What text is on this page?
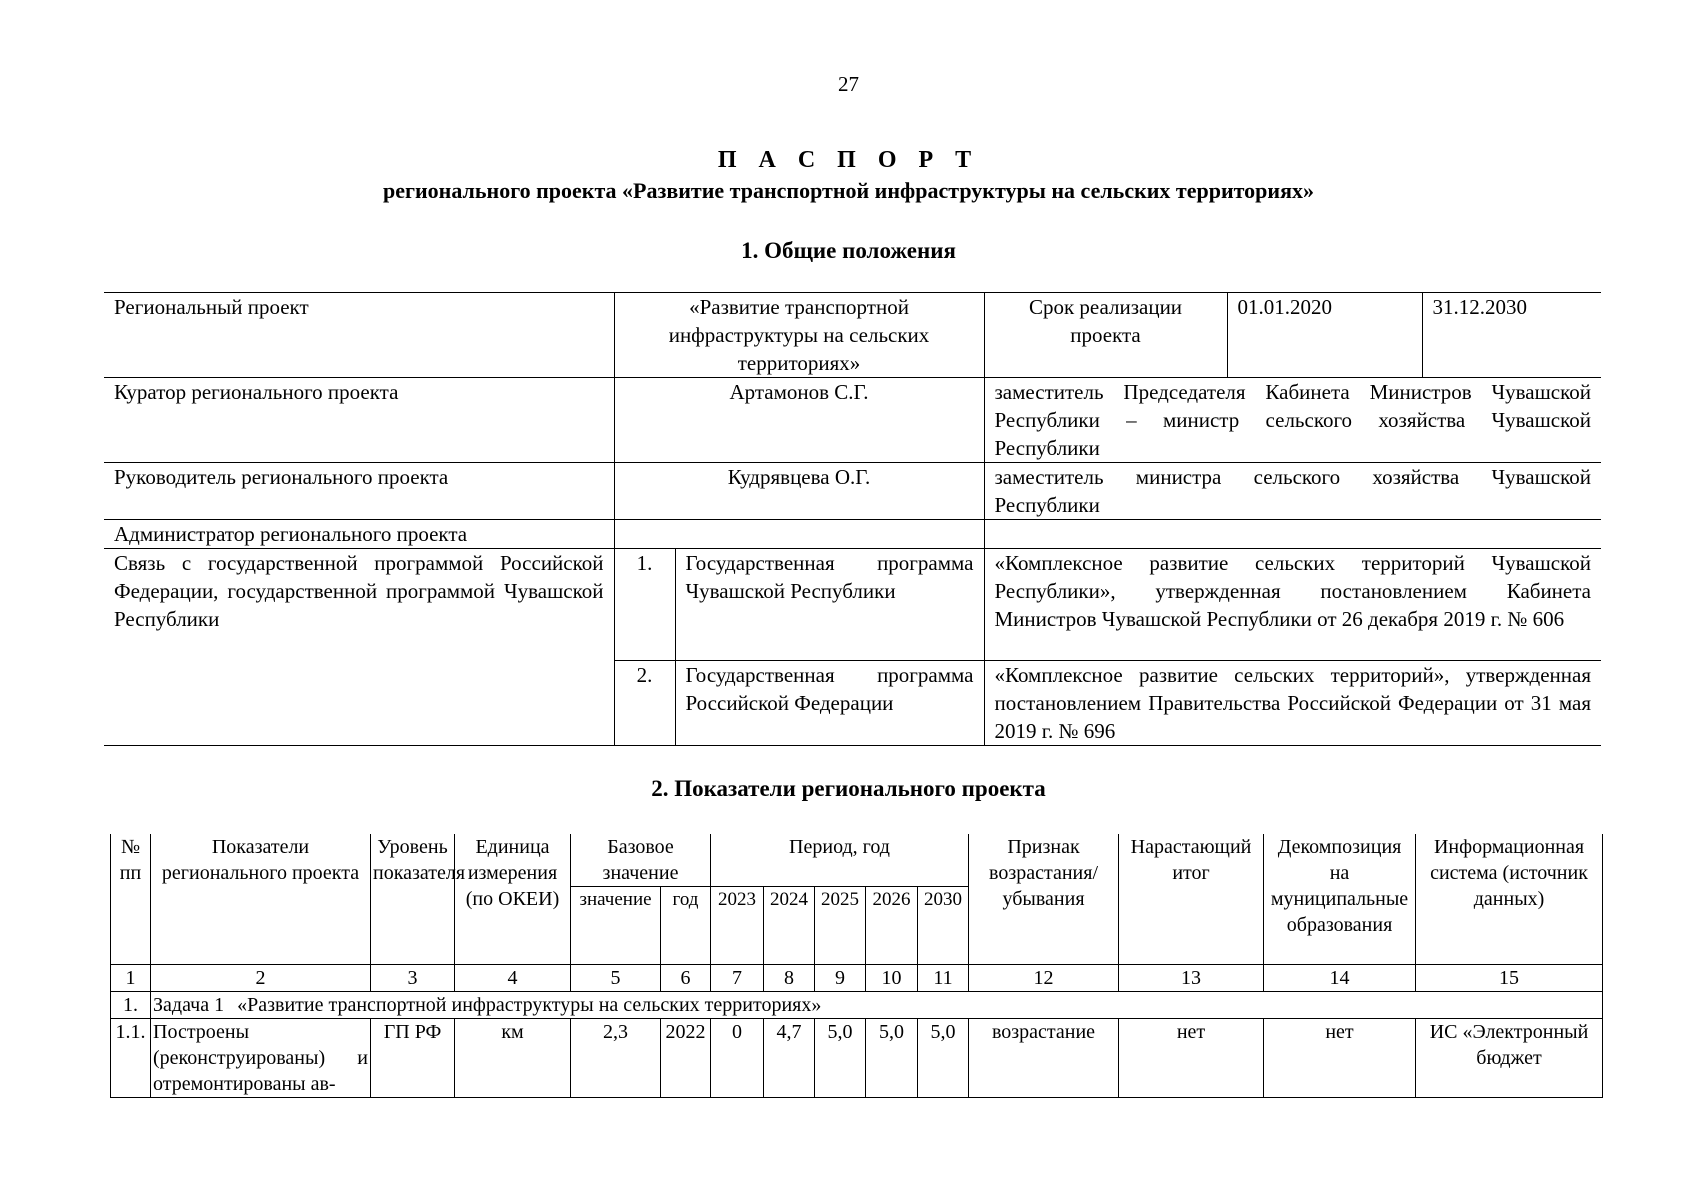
27
П А С П О Р Т
регионального проекта «Развитие транспортной инфраструктуры на сельских территориях»
1. Общие положения
Региональный проект	«Развитие транспортной инфраструктуры на сельских территориях»		Срок реализации проекта	01.01.2020	31.12.2030
Куратор регионального проекта	Артамонов С.Г.		заместитель Председателя Кабинета Министров Чувашской Республики – министр сельского хозяйства Чувашской Республики		
Руководитель регионального проекта	Кудрявцева О.Г.		заместитель министра сельского хозяйства Чувашской Республики		
Администратор регионального проекта					
Связь с государственной программой Российской Федерации, государственной программой Чувашской Республики	1.	Государственная программа Чувашской Республики	«Комплексное развитие сельских территорий Чувашской Республики», утвержденная постановлением Кабинета Министров Чувашской Республики от 26 декабря 2019 г. № 606		
	2.	Государственная программа Российской Федерации	«Комплексное развитие сельских территорий», утвержденная постановлением Правительства Российской Федерации от 31 мая 2019 г. № 696		
2. Показатели регионального проекта
№ пп	Показатели регионального проекта	Уровень показателя	Единица измерения (по ОКЕИ)	Базовое значение		Период, год					Признак возрастания/ убывания	Нарастающий итог	Декомпозиция на муниципальные образования	Информационная система (источник данных)
				значение	год	2023	2024	2025	2026	2030				
1	2	3	4	5	6	7	8	9	10	11	12	13	14	15
1.	Задача 1 «Развитие транспортной инфраструктуры на сельских территориях»													
1.1.	Построены (реконструированы) и отремонтированы ав-	ГП РФ	км	2,3	2022	0	4,7	5,0	5,0	5,0	возрастание	нет	нет	ИС «Электронный бюджет
